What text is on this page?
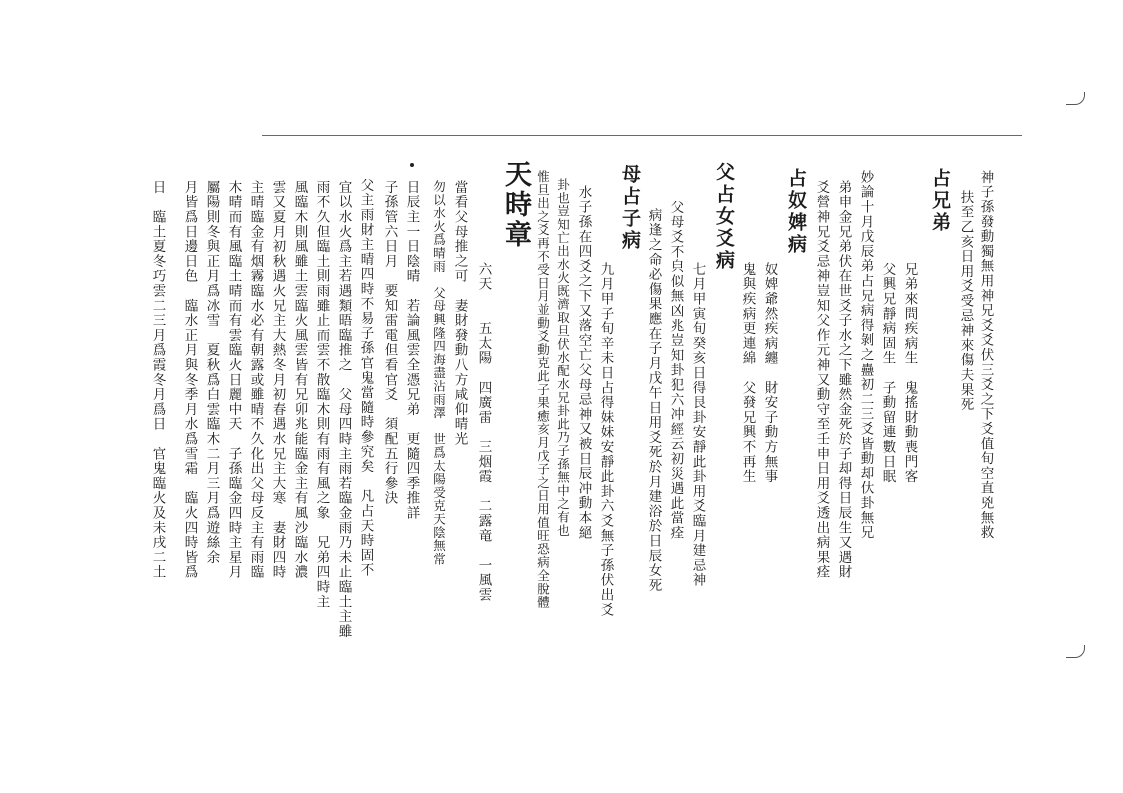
神子孫發動獨無用神兄爻爻伏三爻之下爻值旬空直兇無救
扶至乙亥日用爻受忌神來傷夫果死
占兄弟
兄弟來問疾病生　鬼搖財動喪門客
父興兄靜病固生　子動留連數日眠
妙論十月戊辰弟占兄病得剝之蠱初二三爻皆動却㐲卦無兄
弟申金兄弟伏在世爻子水之下雖然金死於子却得日辰生又遇財
爻營神兄爻忌神豈知父作元神又動守至壬申日用爻透出病果痊
占奴婢病
奴婢爺然疾病纏　財安子動方無事
鬼與疾病更連綿　父發兄興不再生
父占女爻病
七月甲寅旬癸亥日得艮卦安靜此卦用爻臨月建忌神
父母爻不㒵似無凶兆豈知卦犯六冲經云初災遇此當痊
病逢之命必傷果應在子月戊午日用爻死於月建浴於日辰女死
母占子病
九月甲子旬辛未日占得妹妹安靜此卦六爻無子孫伏出爻
水子孫在四爻之下又落空亡父母忌神又被日辰冲動本絕
卦也豈知亡出水火既濟取旦伏水配水兄卦此乃子孫無中之有也
惟旦出之爻再不受日月並動爻動克此子果癒亥月戊子之日用值旺恐病全脫體
天時章
六天　　五太陽　四廣雷　三烟霞　二露竜　一風雲
當看父母推之可　妻財發動八方咸仰晴光
勿以水火爲晴雨　父母興隆四海盡沾雨澤　世爲太陽受克天陰無常
日辰主一日陰晴　若論風雲全憑兄弟　更隨四季推詳
子孫管六日月　要知雷電但看官爻　須配五行參決
父主雨財主晴四時不易子孫官鬼當隨時參究矣　凡占天時固不
宜以水火爲主若遇類晤臨推之　父母四時主雨若臨金雨乃未止臨土主雖
雨不久但臨土則雨雖止而雲不散臨木則有雨有風之象　兄弟四時主
風臨木則風雖土雲臨火風雲皆有兄卯兆能臨金主有風沙臨水濃
雲又夏月初秋遇火兄主大熱冬月初春遇水兄主大寒　妻財四時
主晴臨金有烟霧臨水必有朝露或雖晴不久化出父母反主有雨臨
木晴而有風臨土晴而有雲臨火日麗中天　子孫臨金四時主星月
屬陽則冬與正月爲冰雪　夏秋爲白雲臨木二月三月爲遊絲余
月皆爲日邊日色　臨水正月與冬季月水爲雪霜　臨火四時皆爲
日　臨土夏冬巧雲二三月爲霞冬月爲日　官鬼臨火及未戌二土
